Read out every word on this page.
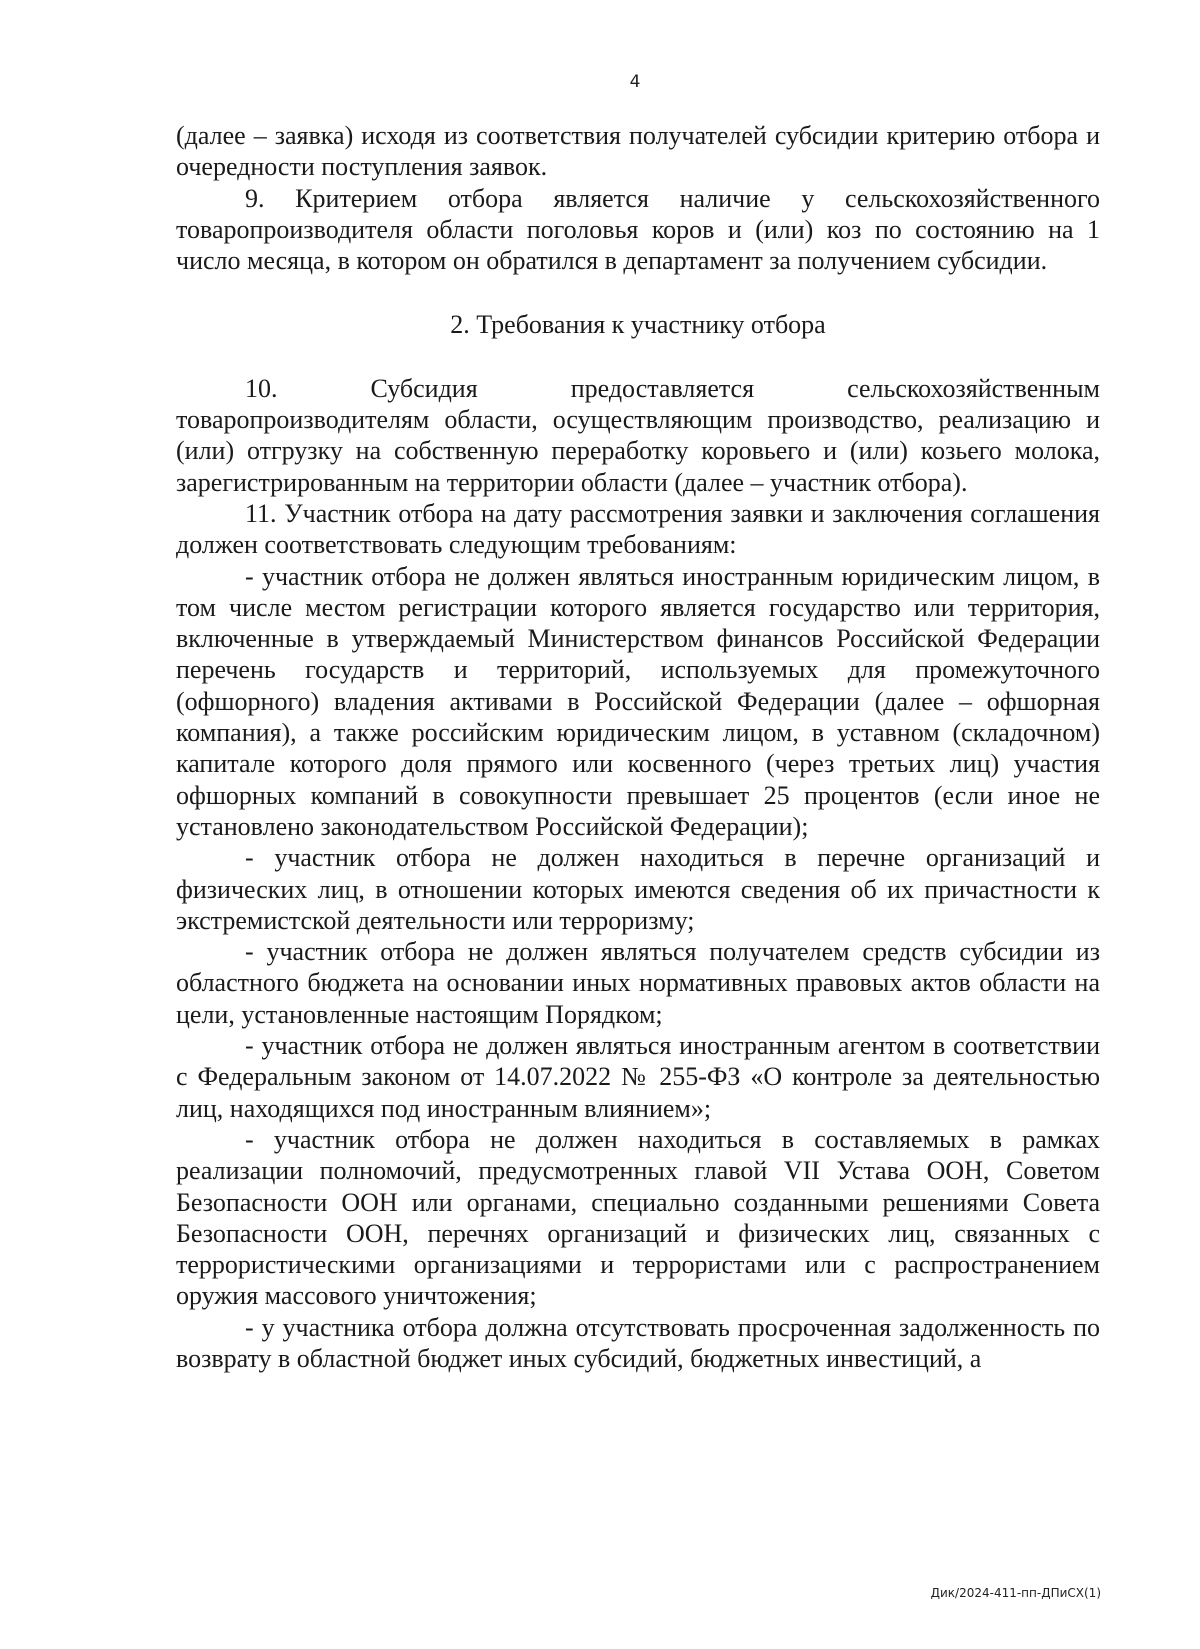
4

(далее – заявка) исходя из соответствия получателей субсидии критерию отбора и очередности поступления заявок.

9. Критерием отбора является наличие у сельскохозяйственного товаропроизводителя области поголовья коров и (или) коз по состоянию на 1 число месяца, в котором он обратился в департамент за получением субсидии.

2. Требования к участнику отбора

10. Субсидия предоставляется сельскохозяйственным товаропроизводителям области, осуществляющим производство, реализацию и (или) отгрузку на собственную переработку коровьего и (или) козьего молока, зарегистрированным на территории области (далее – участник отбора).

11. Участник отбора на дату рассмотрения заявки и заключения соглашения должен соответствовать следующим требованиям:

- участник отбора не должен являться иностранным юридическим лицом, в том числе местом регистрации которого является государство или территория, включенные в утверждаемый Министерством финансов Российской Федерации перечень государств и территорий, используемых для промежуточного (офшорного) владения активами в Российской Федерации (далее – офшорная компания), а также российским юридическим лицом, в уставном (складочном) капитале которого доля прямого или косвенного (через третьих лиц) участия офшорных компаний в совокупности превышает 25 процентов (если иное не установлено законодательством Российской Федерации);

- участник отбора не должен находиться в перечне организаций и физических лиц, в отношении которых имеются сведения об их причастности к экстремистской деятельности или терроризму;

- участник отбора не должен являться получателем средств субсидии из областного бюджета на основании иных нормативных правовых актов области на цели, установленные настоящим Порядком;

- участник отбора не должен являться иностранным агентом в соответствии с Федеральным законом от 14.07.2022 № 255-ФЗ «О контроле за деятельностью лиц, находящихся под иностранным влиянием»;

- участник отбора не должен находиться в составляемых в рамках реализации полномочий, предусмотренных главой VII Устава ООН, Советом Безопасности ООН или органами, специально созданными решениями Совета Безопасности ООН, перечнях организаций и физических лиц, связанных с террористическими организациями и террористами или с распространением оружия массового уничтожения;

- у участника отбора должна отсутствовать просроченная задолженность по возврату в областной бюджет иных субсидий, бюджетных инвестиций, а

Дик/2024-411-пп-ДПиСХ(1)
